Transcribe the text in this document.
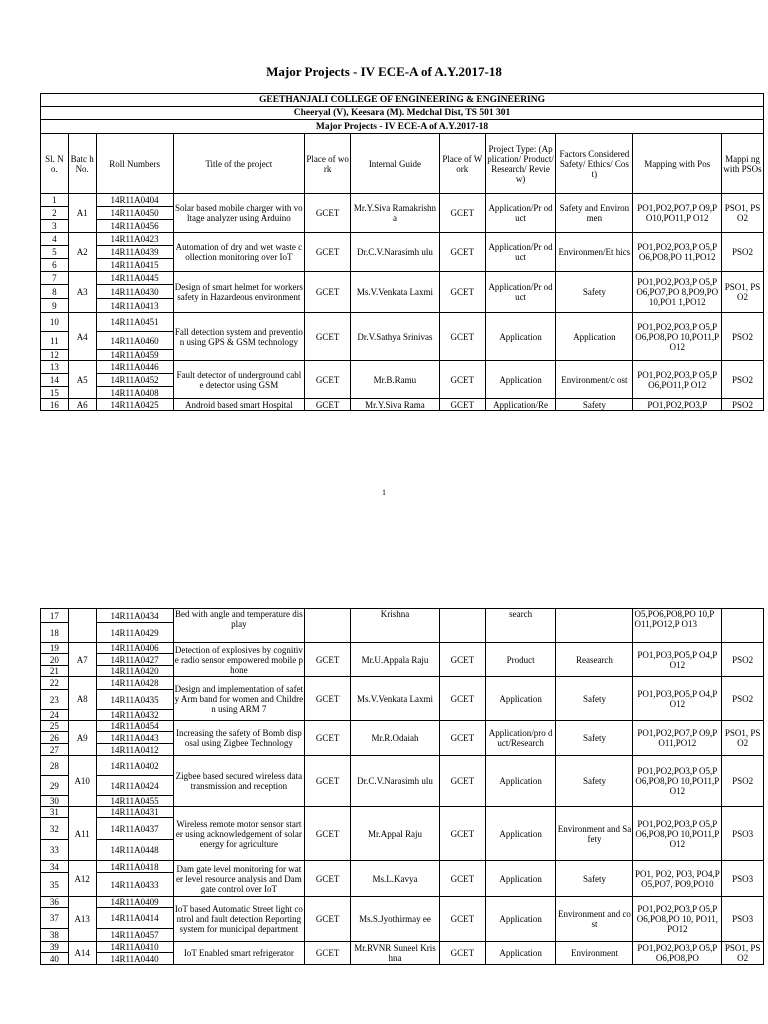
Major Projects - IV ECE-A of A.Y.2017-18
GEETHANJALI COLLEGE OF ENGINEERING & ENGINEERING										
Cheeryal (V), Keesara (M). Medchal Dist, TS 501 301										
Major Projects - IV ECE-A of A.Y.2017-18										
Sl. No.	Batc h No.	Roll Numbers	Title of the project	Place of work	Internal Guide	Place of Work	Project Type: (Application/ Product/ Research/ Review)	Factors Considered Safety/ Ethics/ Cost)	Mapping with Pos	Mappi ng with PSOs
1	A1	14R11A0404	Solar based mobile charger with voltage analyzer using Arduino	GCET	Mr.Y.Siva Ramakrishna	GCET	Application/Pr oduct	Safety and Environmen	PO1,PO2,PO7,P O9,PO10,PO11,P O12	PSO1, PSO2
2		14R11A0450								
3		14R11A0456								
4	A2	14R11A0423	Automation of dry and wet waste collection monitoring over IoT	GCET	Dr.C.V.Narasimh ulu	GCET	Application/Pr oduct	Environmen/Et hics	PO1,PO2,PO3,P O5,PO6,PO8,PO 11,PO12	PSO2
5		14R11A0439								
6		14R11A0415								
7	A3	14R11A0445	Design of smart helmet for workers safety in Hazardeous environment	GCET	Ms.V.Venkata Laxmi	GCET	Application/Pr oduct	Safety	PO1,PO2,PO3,P O5,PO6,PO7,PO 8,PO9,PO10,PO1 1,PO12	PSO1, PSO2
8		14R11A0430								
9		14R11A0413								
10	A4	14R11A0451	Fall detection system and prevention using GPS & GSM technology	GCET	Dr.V.Sathya Srinivas	GCET	Application	Application	PO1,PO2,PO3,P O5,PO6,PO8,PO 10,PO11,PO12	PSO2
11		14R11A0460								
12		14R11A0459								
13	A5	14R11A0446	Fault detector of underground cable detector using GSM	GCET	Mr.B.Ramu	GCET	Application	Environment/c ost	PO1,PO2,PO3,P O5,PO6,PO11,P O12	PSO2
14		14R11A0452								
15		14R11A0408								
16	A6	14R11A0425	Android based smart Hospital	GCET	Mr.Y.Siva Rama	GCET	Application/Re	Safety	PO1,PO2,PO3,P	PSO2
1
17		14R11A0434	Bed with angle and temperature display		Krishna		search		O5,PO6,PO8,PO 10,PO11,PO12,P O13	
18		14R11A0429								
19	A7	14R11A0406	Detection of explosives by cognitive radio sensor empowered mobile phone	GCET	Mr.U.Appala Raju	GCET	Product	Reasearch	PO1,PO3,PO5,P O4,PO12	PSO2
20		14R11A0427								
21		14R11A0420								
22	A8	14R11A0428	Design and implementation of safety Arm band for women and Children using ARM 7	GCET	Ms.V.Venkata Laxmi	GCET	Application	Safety	PO1,PO3,PO5,P O4,PO12	PSO2
23		14R11A0435								
24		14R11A0432								
25	A9	14R11A0454	Increasing the safety of Bomb disposal using Zigbee Technology	GCET	Mr.R.Odaiah	GCET	Application/pro duct/Research	Safety	PO1,PO2,PO7,P O9,PO11,PO12	PSO1, PSO2
26		14R11A0443								
27		14R11A0412								
28	A10	14R11A0402	Zigbee based secured wireless data transmission and reception	GCET	Dr.C.V.Narasimh ulu	GCET	Application	Safety	PO1,PO2,PO3,P O5,PO6,PO8,PO 10,PO11,PO12	PSO2
29		14R11A0424								
30		14R11A0455								
31	A11	14R11A0431	Wireless remote motor sensor starter using acknowledgement of solar energy for agriculture	GCET	Mr.Appal Raju	GCET	Application	Environment and Safety	PO1,PO2,PO3,P O5,PO6,PO8,PO 10,PO11,PO12	PSO3
32		14R11A0437								
33		14R11A0448								
34	A12	14R11A0418	Dam gate level monitoring for water level resource analysis and Dam gate control over IoT	GCET	Ms.L.Kavya	GCET	Application	Safety	PO1, PO2, PO3, PO4,PO5,PO7, PO9,PO10	PSO3
35		14R11A0433								
36	A13	14R11A0409	IoT based Automatic Street light control and fault detection Reporting system for municipal department	GCET	Ms.S.Jyothirmay ee	GCET	Application	Environment and cost	PO1,PO2,PO3,P O5,PO6,PO8,PO 10, PO11,PO12	PSO3
37		14R11A0414								
38		14R11A0457								
39	A14	14R11A0410	IoT Enabled smart refrigerator	GCET	Mr.RVNR Suneel Krishna	GCET	Application	Environment	PO1,PO2,PO3,P O5,PO6,PO8,PO	PSO1, PSO2
40		14R11A0440								
